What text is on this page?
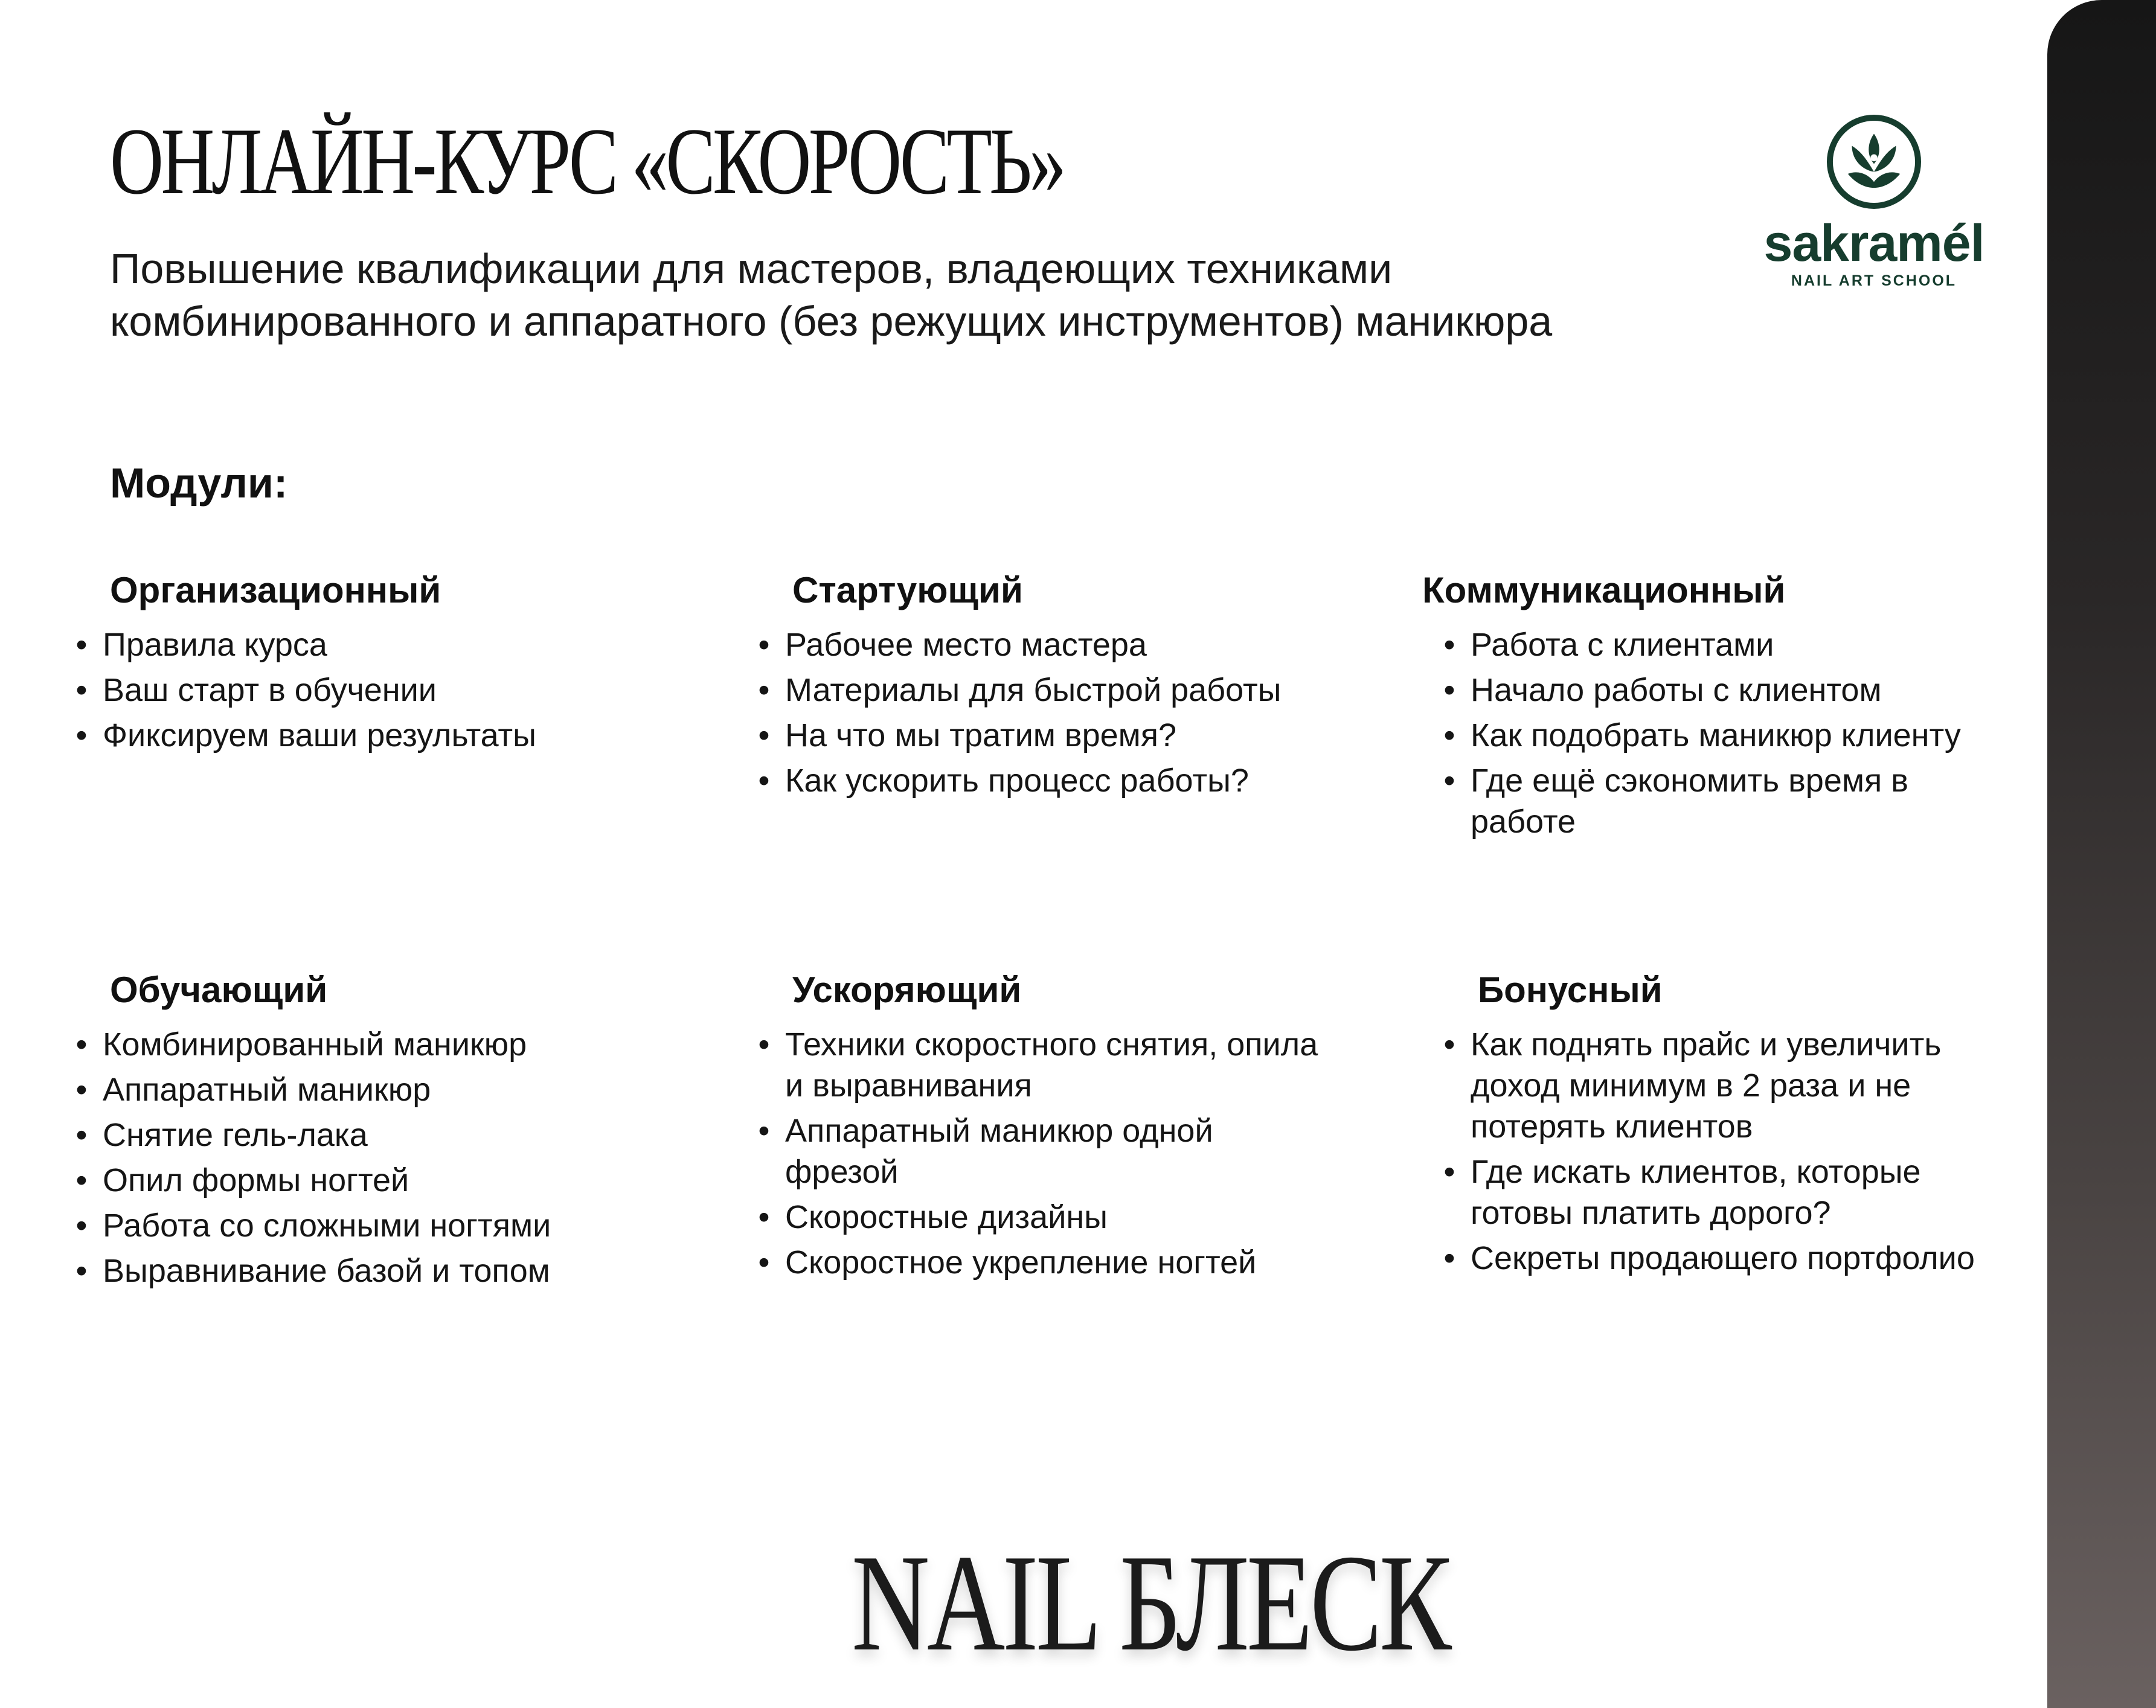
ОНЛАЙН-КУРС «СКОРОСТЬ»
Повышение квалификации для мастеров, владеющих техниками комбинированного и аппаратного (без режущих инструментов) маникюра
Модули:
sakramél
NAIL ART SCHOOL
Организационный
• Правила курса
• Ваш старт в обучении
• Фиксируем ваши результаты
Стартующий
• Рабочее место мастера
• Материалы для быстрой работы
• На что мы тратим время?
• Как ускорить процесс работы?
Коммуникационный
• Работа с клиентами
• Начало работы с клиентом
• Как подобрать маникюр клиенту
• Где ещё сэкономить время в работе
Обучающий
• Комбинированный маникюр
• Аппаратный маникюр
• Снятие гель-лака
• Опил формы ногтей
• Работа со сложными ногтями
• Выравнивание базой и топом
Ускоряющий
• Техники скоростного снятия, опила и выравнивания
• Аппаратный маникюр одной фрезой
• Скоростные дизайны
• Скоростное укрепление ногтей
Бонусный
• Как поднять прайс и увеличить доход минимум в 2 раза и не потерять клиентов
• Где искать клиентов, которые готовы платить дорого?
• Секреты продающего портфолио
NAIL БЛЕСК
